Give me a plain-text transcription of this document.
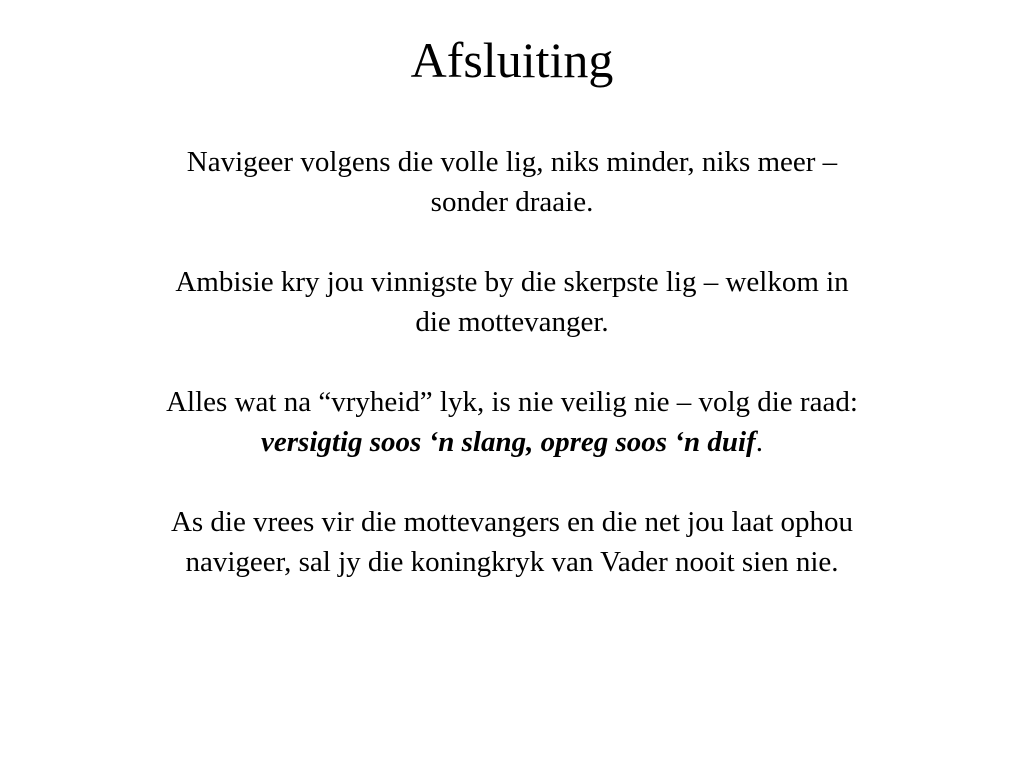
Afsluiting

Navigeer volgens die volle lig, niks minder, niks meer – sonder draaie.

Ambisie kry jou vinnigste by die skerpste lig – welkom in die mottevanger.

Alles wat na “vryheid” lyk, is nie veilig nie – volg die raad: versigtig soos ‘n slang, opreg soos ‘n duif.

As die vrees vir die mottevangers en die net jou laat ophou navigeer, sal jy die koningkryk van Vader nooit sien nie.
